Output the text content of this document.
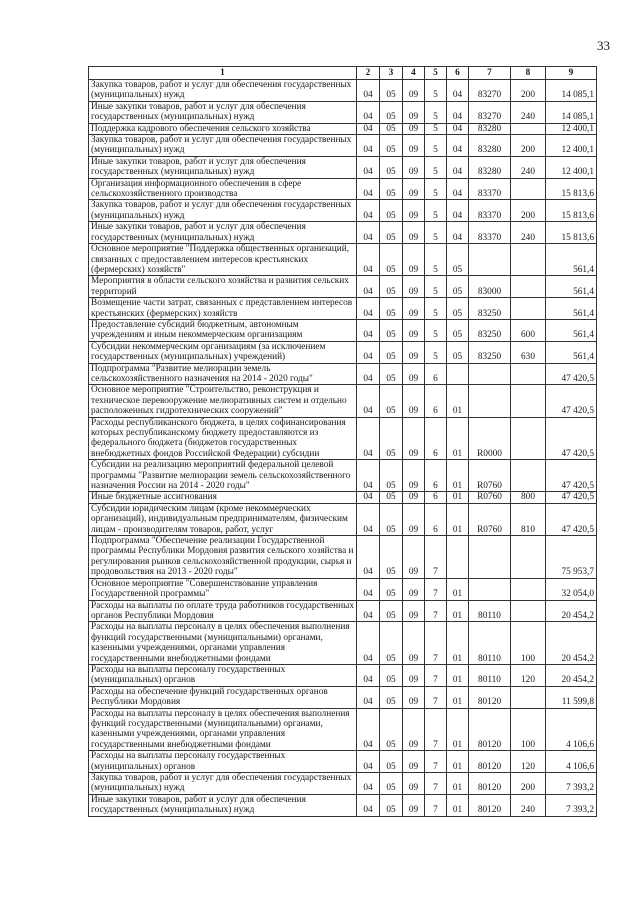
33
1	2	3	4	5	6	7	8	9
Закупка товаров, работ и услуг для обеспечения государственных (муниципальных) нужд	04	05	09	5	04	83270	200	14 085,1
Иные закупки товаров, работ и услуг для обеспечения государственных (муниципальных) нужд	04	05	09	5	04	83270	240	14 085,1
Поддержка кадрового обеспечения сельского хозяйства	04	05	09	5	04	83280		12 400,1
Закупка товаров, работ и услуг для обеспечения государственных (муниципальных) нужд	04	05	09	5	04	83280	200	12 400,1
Иные закупки товаров, работ и услуг для обеспечения государственных (муниципальных) нужд	04	05	09	5	04	83280	240	12 400,1
Организация информационного обеспечения в сфере сельскохозяйственного производства	04	05	09	5	04	83370		15 813,6
Закупка товаров, работ и услуг для обеспечения государственных (муниципальных) нужд	04	05	09	5	04	83370	200	15 813,6
Иные закупки товаров, работ и услуг для обеспечения государственных (муниципальных) нужд	04	05	09	5	04	83370	240	15 813,6
Основное мероприятие "Поддержка общественных организаций, связанных с предоставлением интересов крестьянских (фермерских) хозяйств"	04	05	09	5	05			561,4
Мероприятия в области сельского хозяйства и развития сельских территорий	04	05	09	5	05	83000		561,4
Возмещение части затрат, связанных с представлением интересов крестьянских (фермерских) хозяйств	04	05	09	5	05	83250		561,4
Предоставление субсидий бюджетным, автономным учреждениям и иным некоммерческим организациям	04	05	09	5	05	83250	600	561,4
Субсидии некоммерческим организациям (за исключением государственных (муниципальных) учреждений)	04	05	09	5	05	83250	630	561,4
Подпрограмма "Развитие мелиорации земель сельскохозяйственного назначения на 2014 - 2020 годы"	04	05	09	6				47 420,5
Основное мероприятие "Строительство, реконструкция и техническое перевооружение мелиоративных систем и отдельно расположенных гидротехнических сооружений"	04	05	09	6	01			47 420,5
Расходы республиканского бюджета, в целях софинансирования которых республиканскому бюджету предоставляются из федерального бюджета (бюджетов государственных внебюджетных фондов Российской Федерации) субсидии	04	05	09	6	01	R0000		47 420,5
Субсидии на реализацию мероприятий федеральной целевой программы "Развитие мелиорации земель сельскохозяйственного назначения России на 2014 - 2020 годы"	04	05	09	6	01	R0760		47 420,5
Иные бюджетные ассигнования	04	05	09	6	01	R0760	800	47 420,5
Субсидии юридическим лицам (кроме некоммерческих организаций), индивидуальным предпринимателям, физическим лицам - производителям товаров, работ, услуг	04	05	09	6	01	R0760	810	47 420,5
Подпрограмма "Обеспечение реализации Государственной программы Республики Мордовия развития сельского хозяйства и регулирования рынков сельскохозяйственной продукции, сырья и продовольствия на 2013 - 2020 годы"	04	05	09	7				75 953,7
Основное мероприятие "Совершенствование управления Государственной программы"	04	05	09	7	01			32 054,0
Расходы на выплаты по оплате труда работников государственных органов Республики Мордовия	04	05	09	7	01	80110		20 454,2
Расходы на выплаты персоналу в целях обеспечения выполнения функций государственными (муниципальными) органами, казенными учреждениями, органами управления государственными внебюджетными фондами	04	05	09	7	01	80110	100	20 454,2
Расходы на выплаты персоналу государственных (муниципальных) органов	04	05	09	7	01	80110	120	20 454,2
Расходы на обеспечение функций государственных органов Республики Мордовия	04	05	09	7	01	80120		11 599,8
Расходы на выплаты персоналу в целях обеспечения выполнения функций государственными (муниципальными) органами, казенными учреждениями, органами управления государственными внебюджетными фондами	04	05	09	7	01	80120	100	4 106,6
Расходы на выплаты персоналу государственных (муниципальных) органов	04	05	09	7	01	80120	120	4 106,6
Закупка товаров, работ и услуг для обеспечения государственных (муниципальных) нужд	04	05	09	7	01	80120	200	7 393,2
Иные закупки товаров, работ и услуг для обеспечения государственных (муниципальных) нужд	04	05	09	7	01	80120	240	7 393,2
